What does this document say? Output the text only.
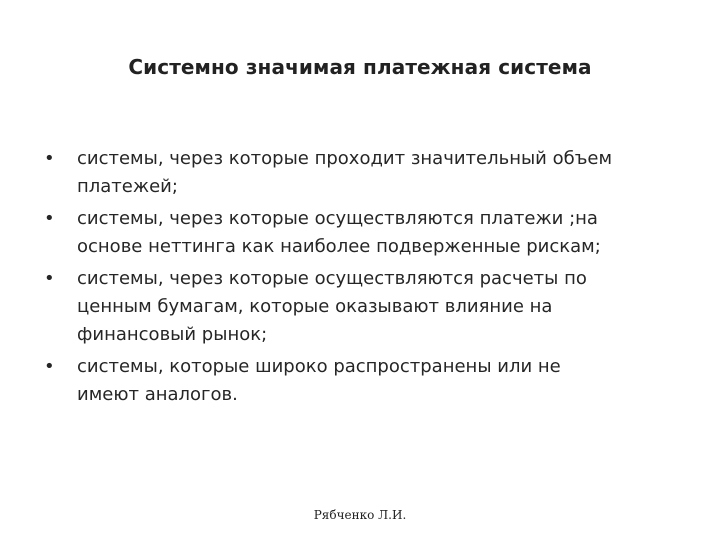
Системно значимая платежная система
• системы, через которые проходит значительный объем
платежей;
• системы, через которые осуществляются платежи ;на
основе неттинга как наиболее подверженные рискам;
• системы, через которые осуществляются расчеты по
ценным бумагам, которые оказывают влияние на
финансовый рынок;
• системы, которые широко распространены или не
имеют аналогов.
Рябченко Л.И.
